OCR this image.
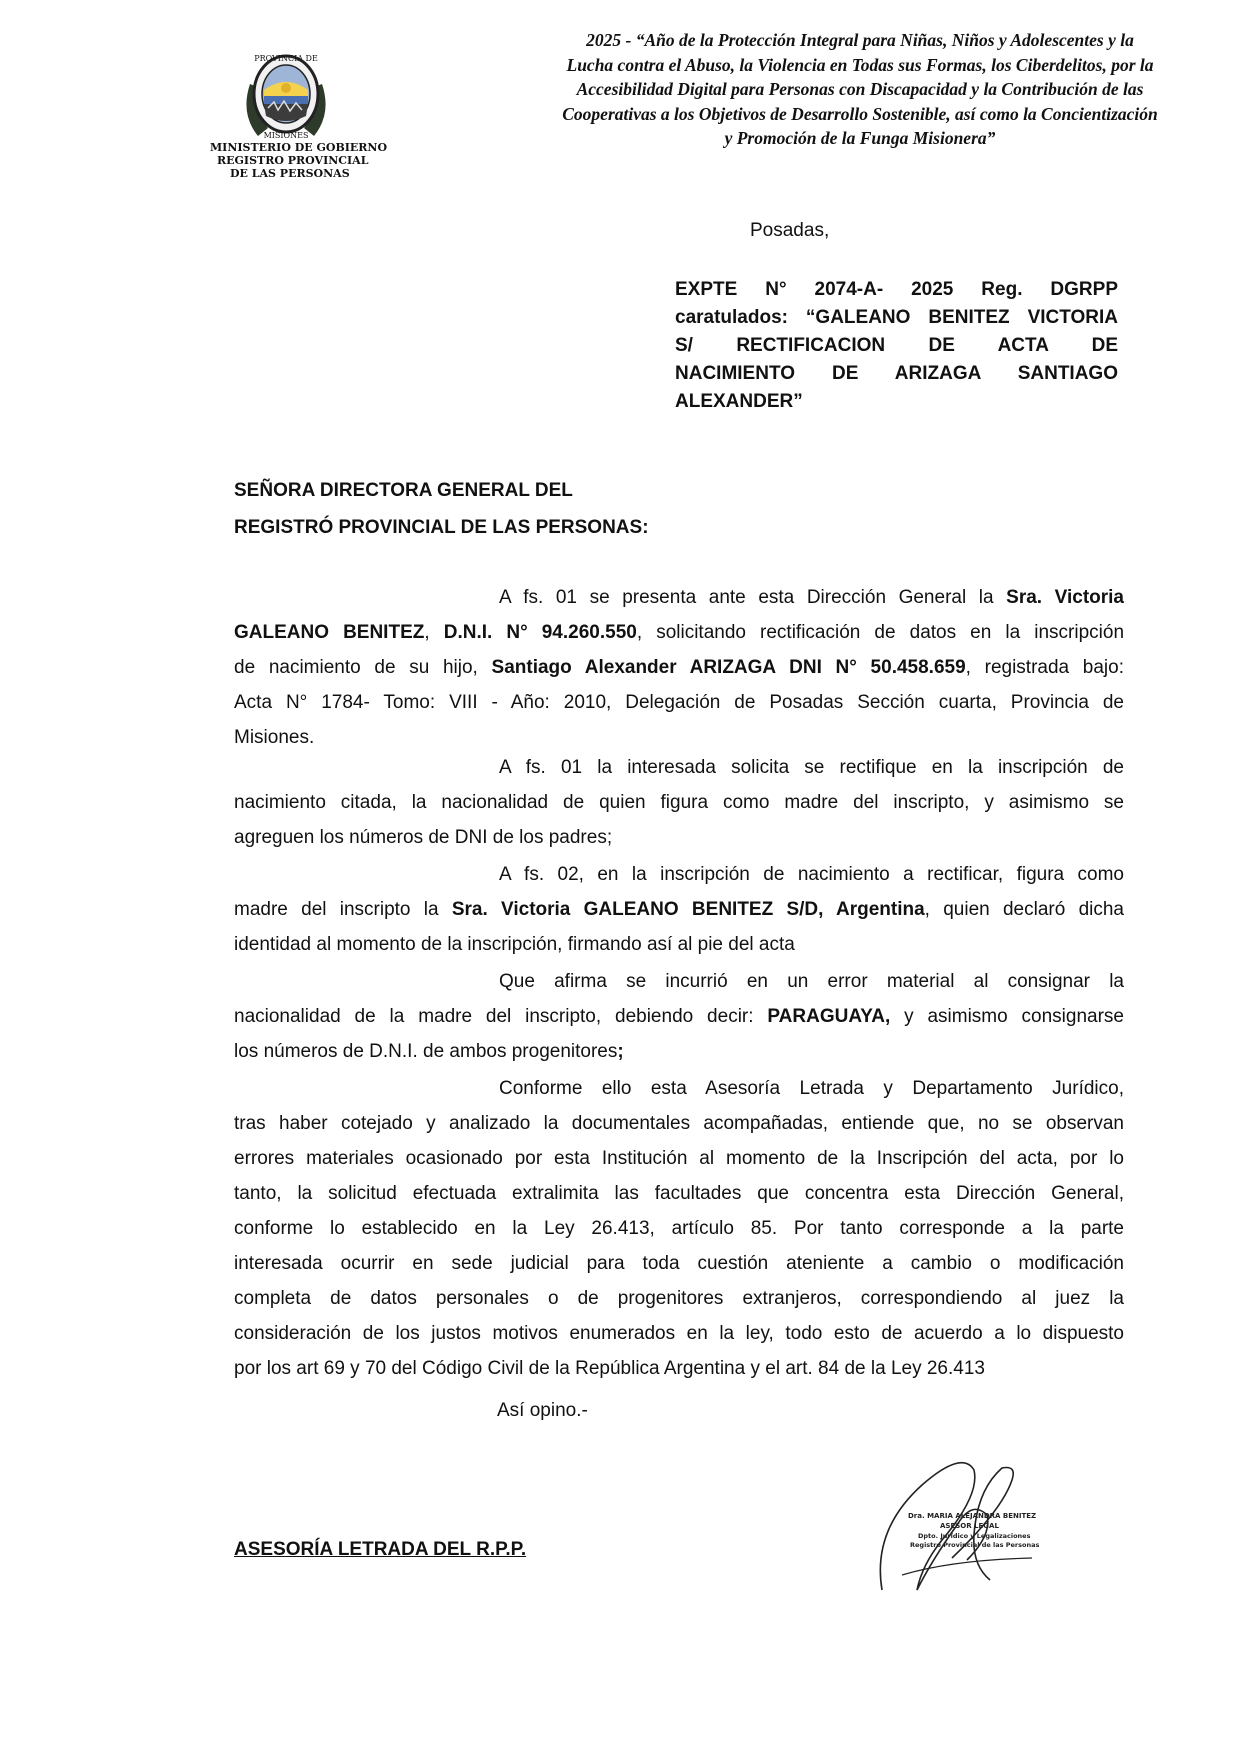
PROVINCIA DE
MISIONES
MINISTERIO DE GOBIERNO
REGISTRO PROVINCIAL
DE LAS PERSONAS
2025 - “Año de la Protección Integral para Niñas, Niños y Adolescentes y la
Lucha contra el Abuso, la Violencia en Todas sus Formas, los Ciberdelitos, por la
Accesibilidad Digital para Personas con Discapacidad y la Contribución de las
Cooperativas a los Objetivos de Desarrollo Sostenible, así como la Concientización
y Promoción de la Funga Misionera”
Posadas,
EXPTE N° 2074-A- 2025 Reg. DGRPP
caratulados: “GALEANO BENITEZ VICTORIA
S/ RECTIFICACION DE ACTA DE
NACIMIENTO DE ARIZAGA SANTIAGO
ALEXANDER”
SEÑORA DIRECTORA GENERAL DEL
REGISTRÓ PROVINCIAL DE LAS PERSONAS:
A fs. 01 se presenta ante esta Dirección General la Sra. Victoria
GALEANO BENITEZ, D.N.I. N° 94.260.550, solicitando rectificación de datos en la inscripción
de nacimiento de su hijo, Santiago Alexander ARIZAGA DNI N° 50.458.659, registrada bajo:
Acta N° 1784- Tomo: VIII - Año: 2010, Delegación de Posadas Sección cuarta, Provincia de
Misiones.
A fs. 01 la interesada solicita se rectifique en la inscripción de
nacimiento citada, la nacionalidad de quien figura como madre del inscripto, y asimismo se
agreguen los números de DNI de los padres;
A fs. 02, en la inscripción de nacimiento a rectificar, figura como
madre del inscripto la Sra. Victoria GALEANO BENITEZ S/D, Argentina, quien declaró dicha
identidad al momento de la inscripción, firmando así al pie del acta
Que afirma se incurrió en un error material al consignar la
nacionalidad de la madre del inscripto, debiendo decir: PARAGUAYA, y asimismo consignarse
los números de D.N.I. de ambos progenitores;
Conforme ello esta Asesoría Letrada y Departamento Jurídico,
tras haber cotejado y analizado la documentales acompañadas, entiende que, no se observan
errores materiales ocasionado por esta Institución al momento de la Inscripción del acta, por lo
tanto, la solicitud efectuada extralimita las facultades que concentra esta Dirección General,
conforme lo establecido en la Ley 26.413, artículo 85. Por tanto corresponde a la parte
interesada ocurrir en sede judicial para toda cuestión ateniente a cambio o modificación
completa de datos personales o de progenitores extranjeros, correspondiendo al juez la
consideración de los justos motivos enumerados en la ley, todo esto de acuerdo a lo dispuesto
por los art 69 y 70 del Código Civil de la República Argentina y el art. 84 de la Ley 26.413
Así opino.-
Dra. MARIA ALEJANDRA BENITEZ
ASESOR LEGAL
Dpto. Jurídico y Legalizaciones
Registro Provincial de las Personas
ASESORÍA LETRADA DEL R.P.P.
